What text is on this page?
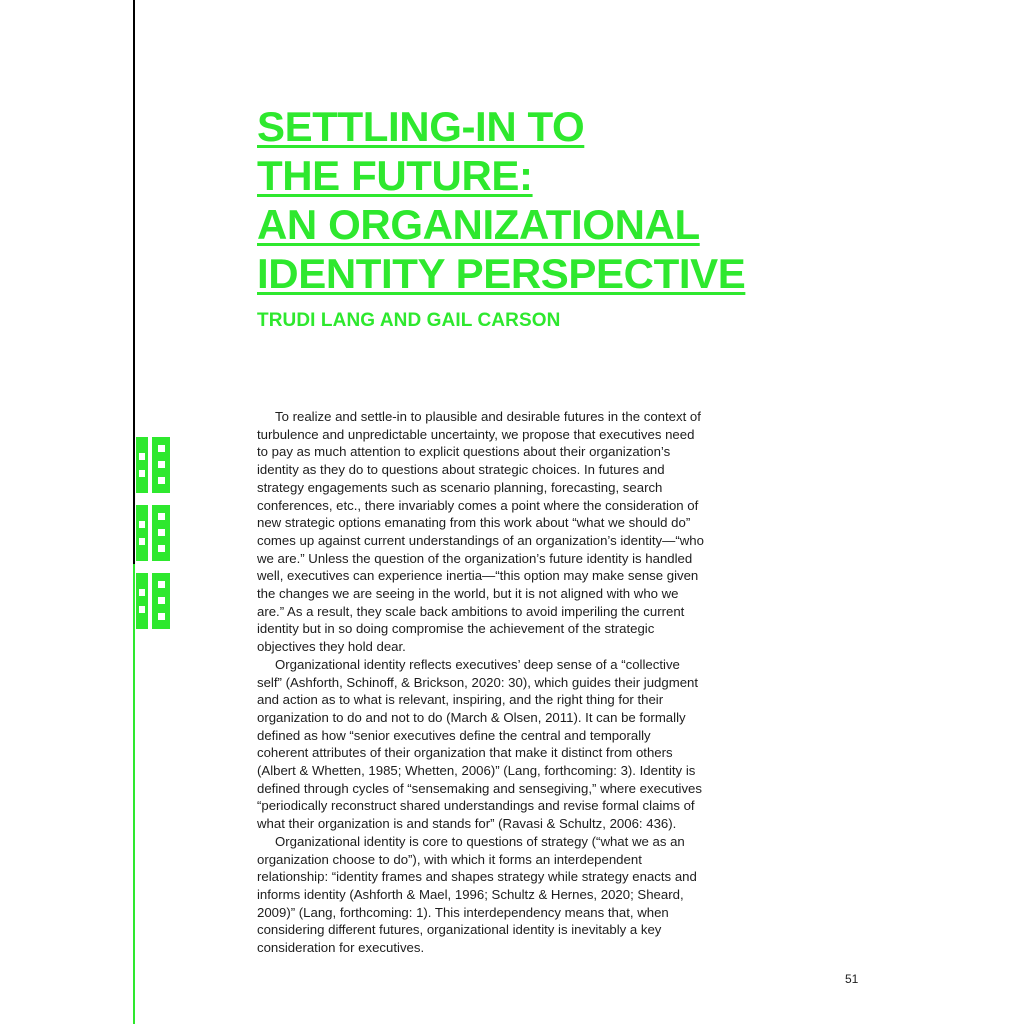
SETTLING-IN TO
THE FUTURE:
AN ORGANIZATIONAL
IDENTITY PERSPECTIVE
TRUDI LANG AND GAIL CARSON

To realize and settle-in to plausible and desirable futures in the context of turbulence and unpredictable uncertainty, we propose that executives need to pay as much attention to explicit questions about their organization’s identity as they do to questions about strategic choices. In futures and strategy engagements such as scenario planning, forecasting, search conferences, etc., there invariably comes a point where the consideration of new strategic options emanating from this work about “what we should do” comes up against current understandings of an organization’s identity—“who we are.” Unless the question of the organization’s future identity is handled well, executives can experience inertia—“this option may make sense given the changes we are seeing in the world, but it is not aligned with who we are.” As a result, they scale back ambitions to avoid imperiling the current identity but in so doing compromise the achievement of the strategic objectives they hold dear.

Organizational identity reflects executives’ deep sense of a “collective self” (Ashforth, Schinoff, & Brickson, 2020: 30), which guides their judgment and action as to what is relevant, inspiring, and the right thing for their organization to do and not to do (March & Olsen, 2011). It can be formally defined as how “senior executives define the central and temporally coherent attributes of their organization that make it distinct from others (Albert & Whetten, 1985; Whetten, 2006)” (Lang, forthcoming: 3). Identity is defined through cycles of “sensemaking and sensegiving,” where executives “periodically reconstruct shared understandings and revise formal claims of what their organization is and stands for” (Ravasi & Schultz, 2006: 436).

Organizational identity is core to questions of strategy (“what we as an organization choose to do”), with which it forms an interdependent relationship: “identity frames and shapes strategy while strategy enacts and informs identity (Ashforth & Mael, 1996; Schultz & Hernes, 2020; Sheard, 2009)” (Lang, forthcoming: 1). This interdependency means that, when considering different futures, organizational identity is inevitably a key consideration for executives.

51
